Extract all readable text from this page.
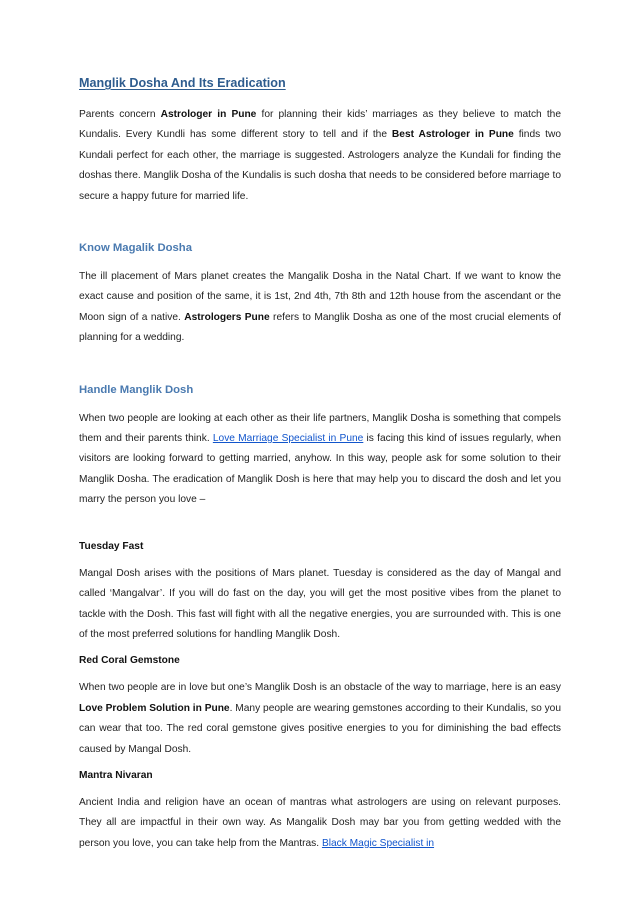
Manglik Dosha And Its Eradication

Parents concern Astrologer in Pune for planning their kids’ marriages as they believe to match the Kundalis. Every Kundli has some different story to tell and if the Best Astrologer in Pune finds two Kundali perfect for each other, the marriage is suggested. Astrologers analyze the Kundali for finding the doshas there. Manglik Dosha of the Kundalis is such dosha that needs to be considered before marriage to secure a happy future for married life.

Know Magalik Dosha

The ill placement of Mars planet creates the Mangalik Dosha in the Natal Chart. If we want to know the exact cause and position of the same, it is 1st, 2nd 4th, 7th 8th and 12th house from the ascendant or the Moon sign of a native. Astrologers Pune refers to Manglik Dosha as one of the most crucial elements of planning for a wedding.

Handle Manglik Dosh

When two people are looking at each other as their life partners, Manglik Dosha is something that compels them and their parents think. Love Marriage Specialist in Pune is facing this kind of issues regularly, when visitors are looking forward to getting married, anyhow. In this way, people ask for some solution to their Manglik Dosha. The eradication of Manglik Dosh is here that may help you to discard the dosh and let you marry the person you love –

Tuesday Fast

Mangal Dosh arises with the positions of Mars planet. Tuesday is considered as the day of Mangal and called ‘Mangalvar’. If you will do fast on the day, you will get the most positive vibes from the planet to tackle with the Dosh. This fast will fight with all the negative energies, you are surrounded with. This is one of the most preferred solutions for handling Manglik Dosh.

Red Coral Gemstone

When two people are in love but one’s Manglik Dosh is an obstacle of the way to marriage, here is an easy Love Problem Solution in Pune. Many people are wearing gemstones according to their Kundalis, so you can wear that too. The red coral gemstone gives positive energies to you for diminishing the bad effects caused by Mangal Dosh.

Mantra Nivaran

Ancient India and religion have an ocean of mantras what astrologers are using on relevant purposes. They all are impactful in their own way. As Mangalik Dosh may bar you from getting wedded with the person you love, you can take help from the Mantras. Black Magic Specialist in
